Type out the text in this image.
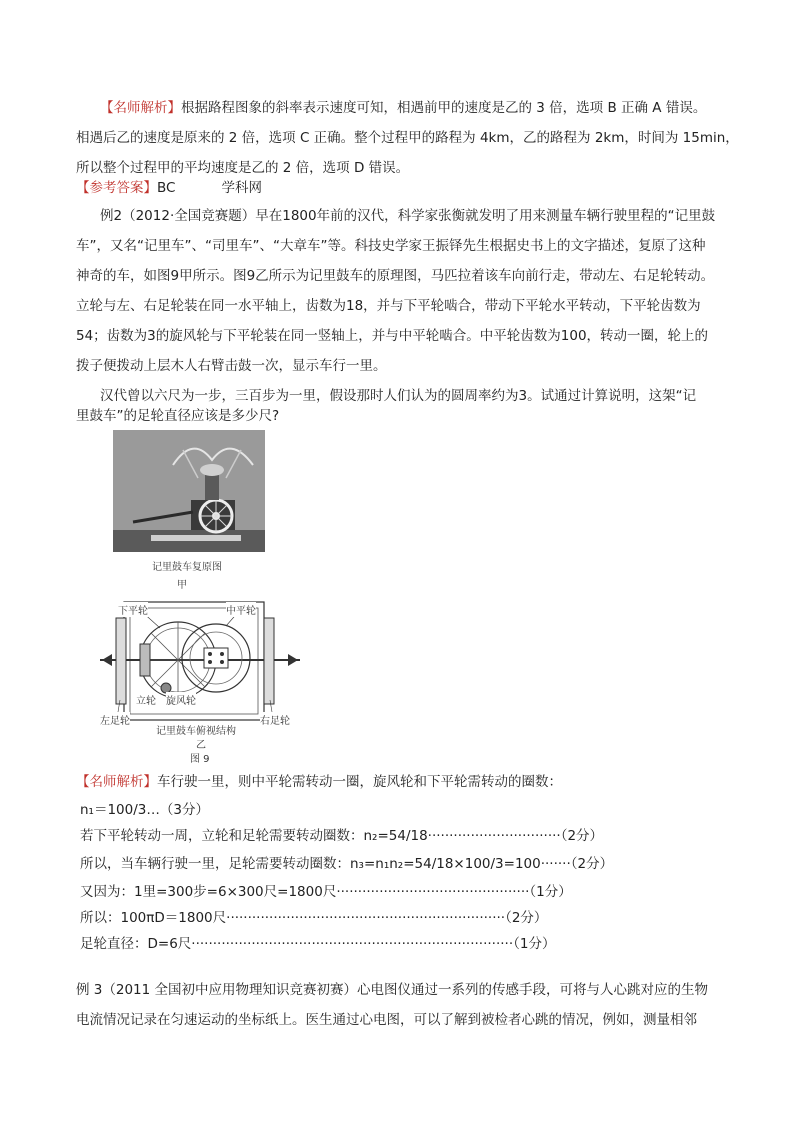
【名师解析】根据路程图象的斜率表示速度可知，相遇前甲的速度是乙的 3 倍，选项 B 正确 A 错误。
相遇后乙的速度是原来的 2 倍，选项 C 正确。整个过程甲的路程为 4km，乙的路程为 2km，时间为 15min，
所以整个过程甲的平均速度是乙的 2 倍，选项 D 错误。
【参考答案】BC	学科网
例2（2012·全国竞赛题）早在1800年前的汉代，科学家张衡就发明了用来测量车辆行驶里程的“记里鼓
车”，又名“记里车”、“司里车”、“大章车”等。科技史学家王振铎先生根据史书上的文字描述，复原了这种
神奇的车，如图9甲所示。图9乙所示为记里鼓车的原理图，马匹拉着该车向前行走，带动左、右足轮转动。
立轮与左、右足轮装在同一水平轴上，齿数为18，并与下平轮啮合，带动下平轮水平转动，下平轮齿数为
54；齿数为3的旋风轮与下平轮装在同一竖轴上，并与中平轮啮合。中平轮齿数为100，转动一圈，轮上的
拨子便拨动上层木人右臂击鼓一次，显示车行一里。
汉代曾以六尺为一步，三百步为一里，假设那时人们认为的圆周率约为3。试通过计算说明，这架“记
里鼓车”的足轮直径应该是多少尺?
记里鼓车复原图
甲
下平轮	中平轮
立轮 旋风轮
左足轮	右足轮
记里鼓车俯视结构
乙
图 9
【名师解析】车行驶一里，则中平轮需转动一圈，旋风轮和下平轮需转动的圈数：
n₁＝100/3…（3分）
若下平轮转动一周，立轮和足轮需要转动圈数：n₂=54/18·······························（2分）
所以，当车辆行驶一里，足轮需要转动圈数：n₃=n₁n₂=54/18×100/3=100·······（2分）
又因为：1里=300步=6×300尺=1800尺·············································（1分）
所以：100πD＝1800尺·································································（2分）
足轮直径：D=6尺···········································································（1分）
例 3（2011 全国初中应用物理知识竞赛初赛）心电图仪通过一系列的传感手段，可将与人心跳对应的生物
电流情况记录在匀速运动的坐标纸上。医生通过心电图，可以了解到被检者心跳的情况，例如，测量相邻
